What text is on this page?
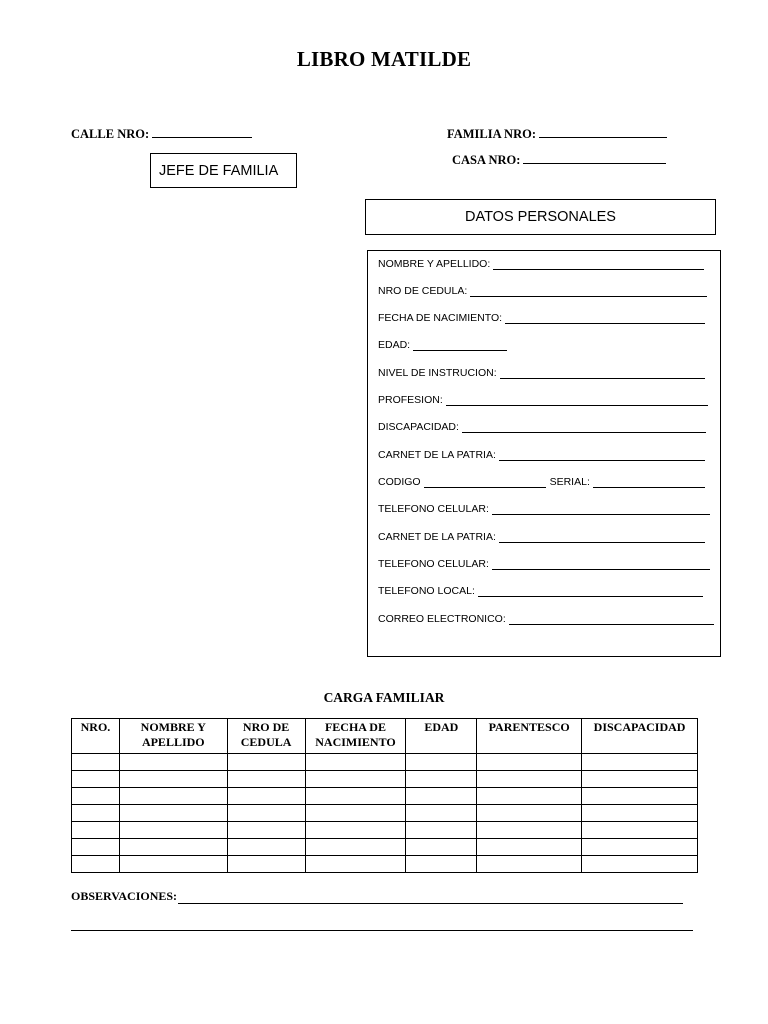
LIBRO MATILDE
CALLE NRO:	FAMILIA NRO:
CASA NRO:
JEFE DE FAMILIA
DATOS PERSONALES
NOMBRE Y APELLIDO:
NRO DE CEDULA:
FECHA DE NACIMIENTO:
EDAD:
NIVEL DE INSTRUCION:
PROFESION:
DISCAPACIDAD:
CARNET DE LA PATRIA:
CODIGO	SERIAL:
TELEFONO CELULAR:
CARNET DE LA PATRIA:
TELEFONO CELULAR:
TELEFONO LOCAL:
CORREO ELECTRONICO:
CARGA FAMILIAR
NRO.	NOMBRE Y APELLIDO	NRO DE CEDULA	FECHA DE NACIMIENTO	EDAD	PARENTESCO	DISCAPACIDAD

OBSERVACIONES:
